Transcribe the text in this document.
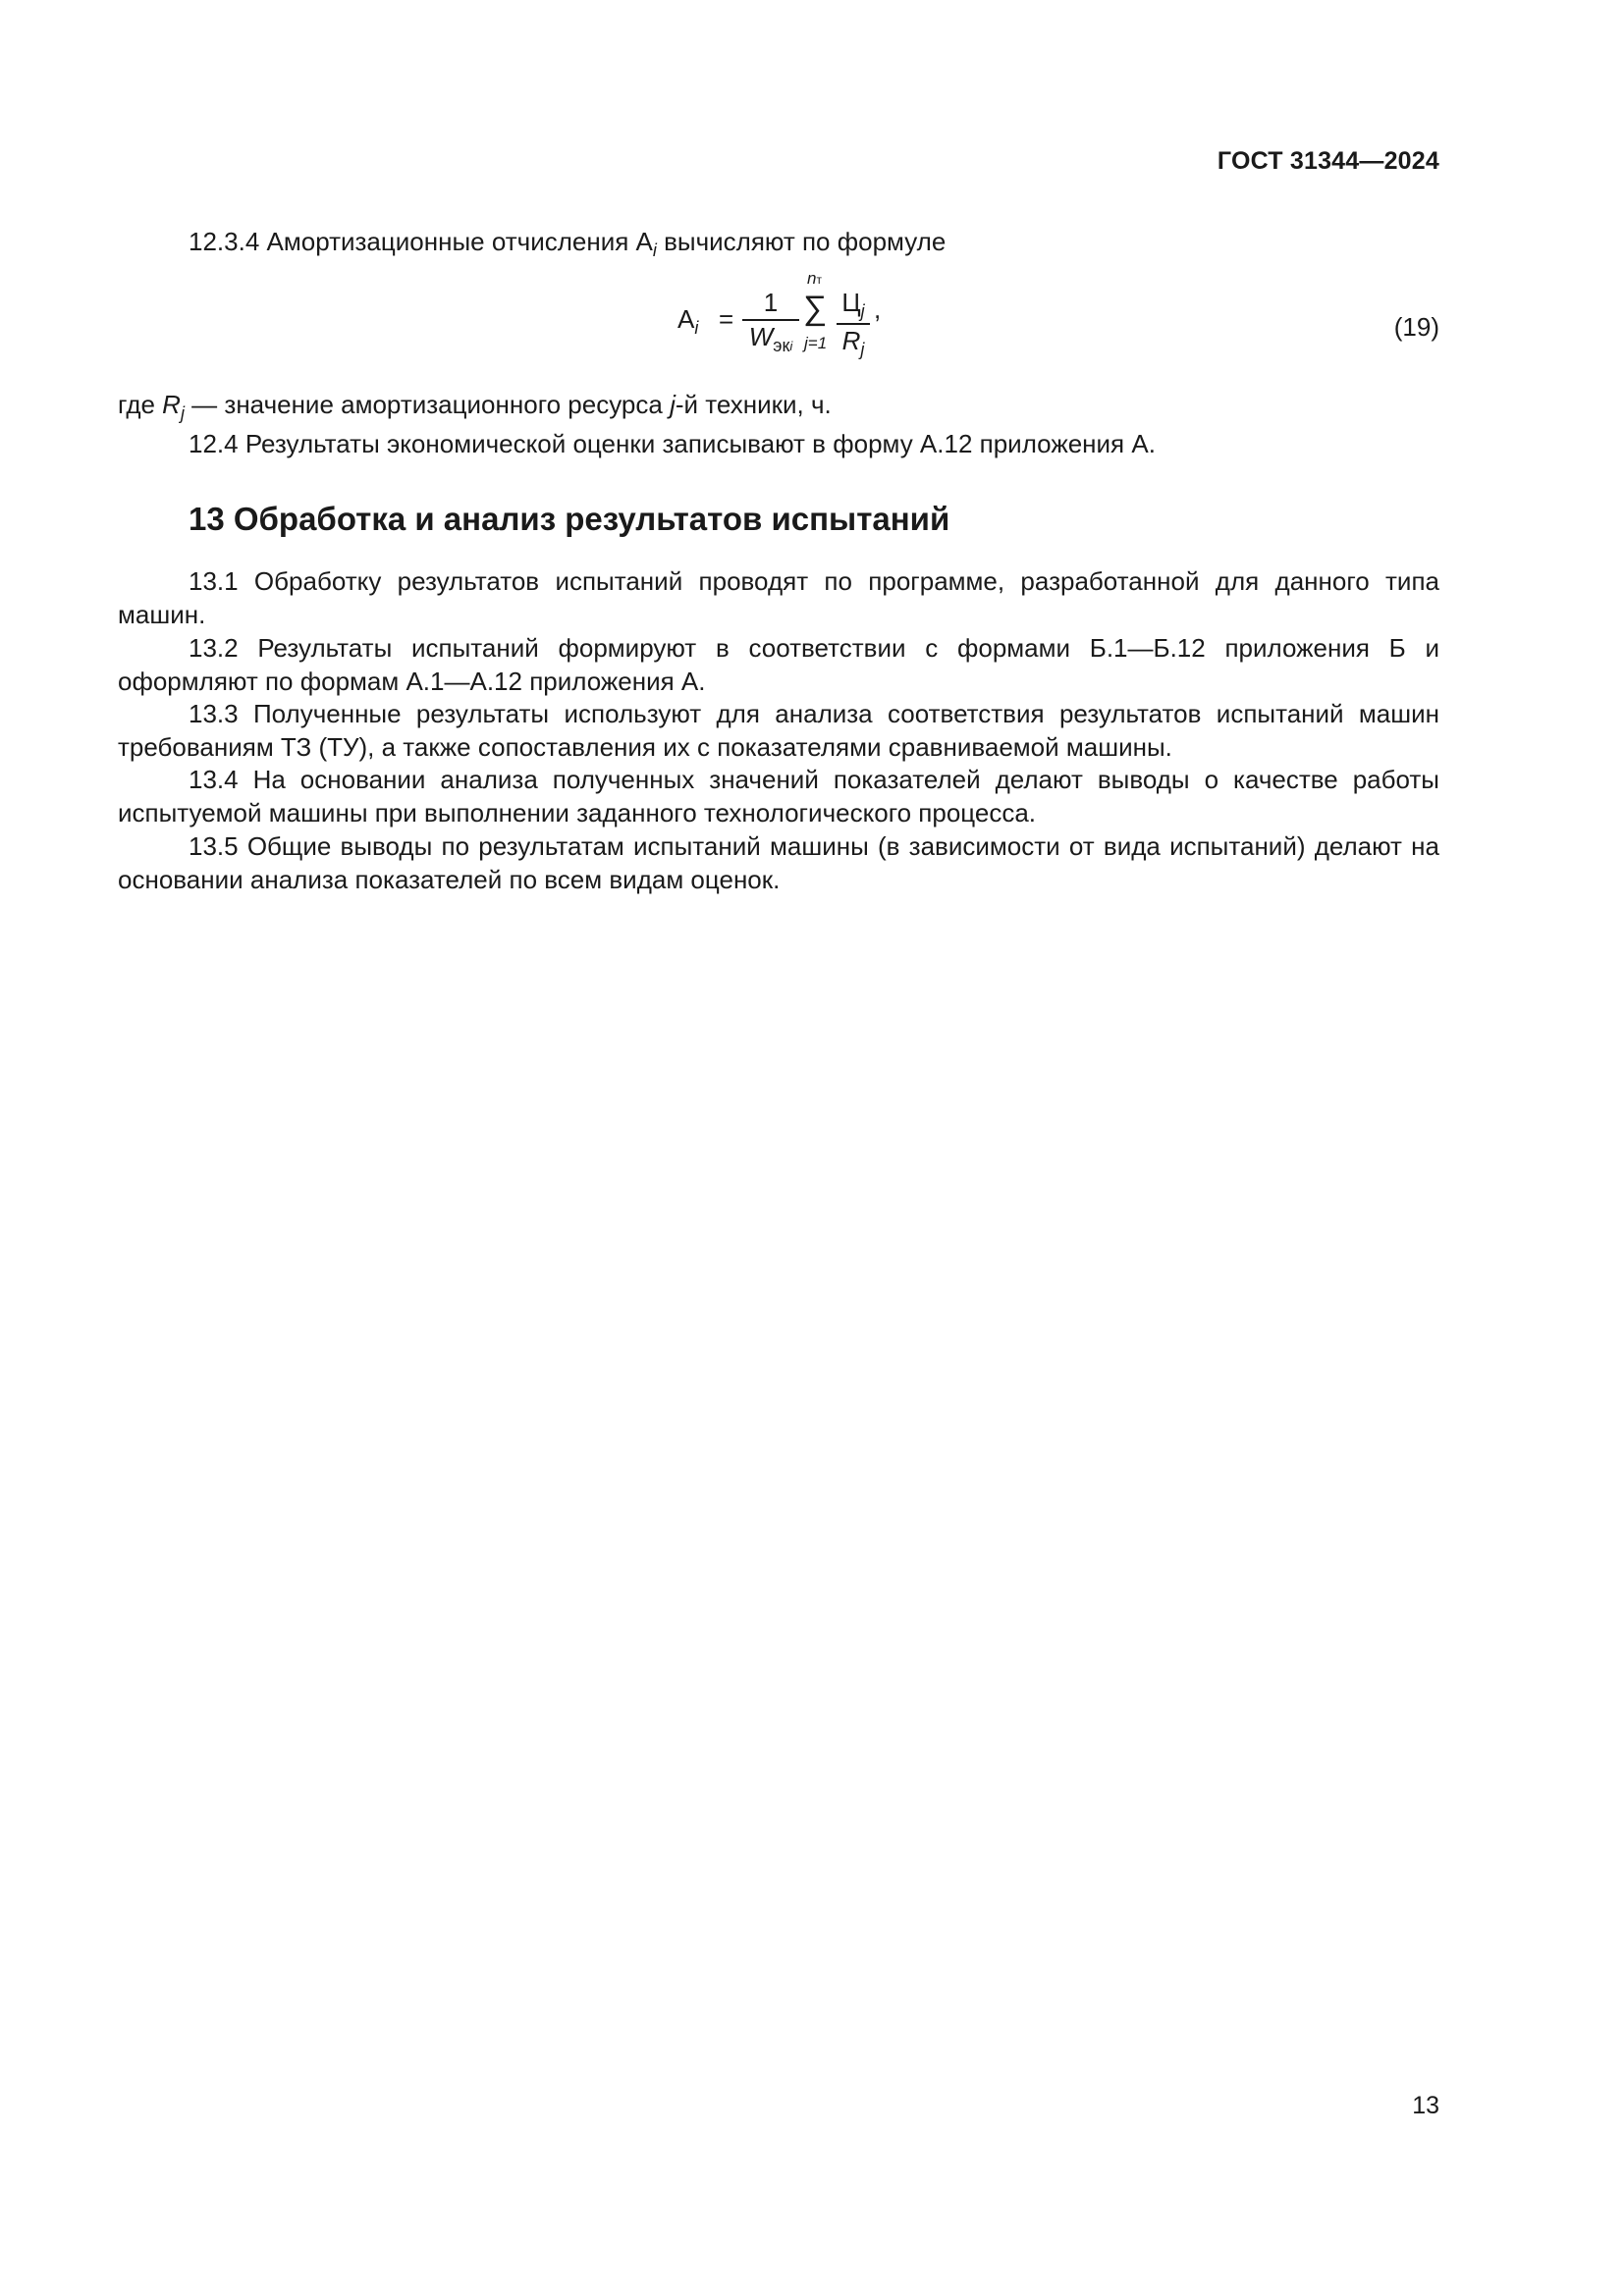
ГОСТ 31344—2024
12.3.4 Амортизационные отчисления $А_i$ вычисляют по формуле
$А_i$ =
1
$W_{эк}i$
nт
∑
j=1
$Ц_j$
$R_j$
,
(19)
где $R_j$ — значение амортизационного ресурса j-й техники, ч.
12.4 Результаты экономической оценки записывают в форму А.12 приложения А.
13 Обработка и анализ результатов испытаний
13.1 Обработку результатов испытаний проводят по программе, разработанной для данного типа машин.
13.2 Результаты испытаний формируют в соответствии с формами Б.1—Б.12 приложения Б и оформляют по формам А.1—А.12 приложения А.
13.3 Полученные результаты используют для анализа соответствия результатов испытаний машин требованиям ТЗ (ТУ), а также сопоставления их с показателями сравниваемой машины.
13.4 На основании анализа полученных значений показателей делают выводы о качестве работы испытуемой машины при выполнении заданного технологического процесса.
13.5 Общие выводы по результатам испытаний машины (в зависимости от вида испытаний) делают на основании анализа показателей по всем видам оценок.
13
